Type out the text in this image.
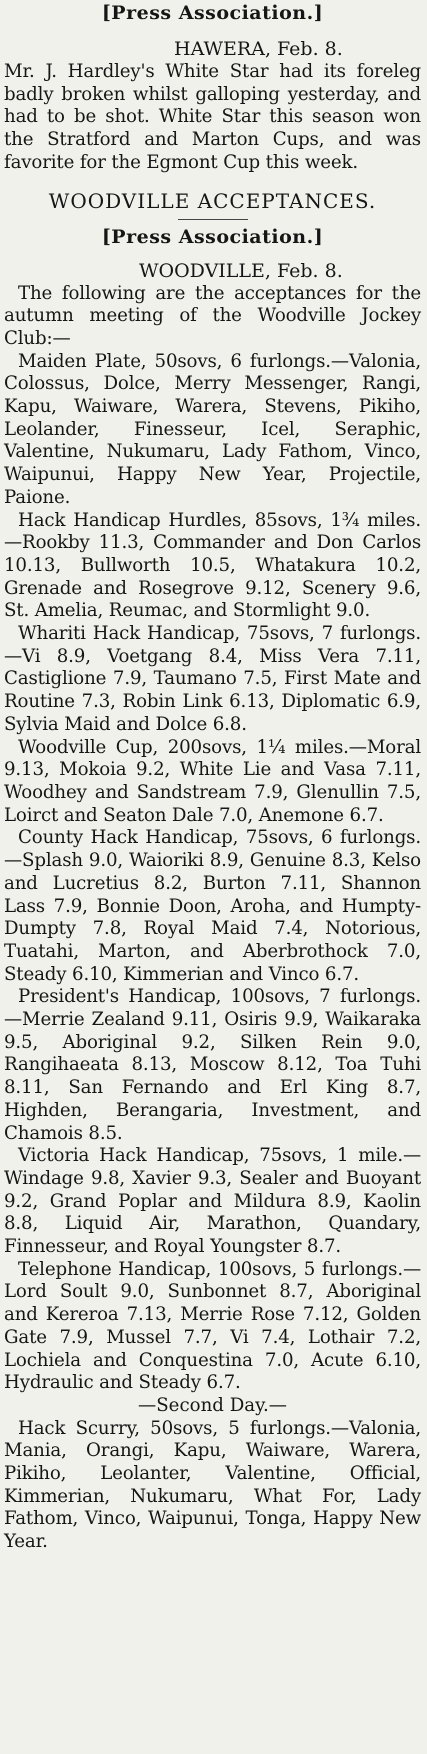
[Press Association.]
HAWERA, Feb. 8.

Mr. J. Hardley's White Star had its foreleg badly broken whilst galloping yesterday, and had to be shot. White Star this season won the Stratford and Marton Cups, and was favorite for the Egmont Cup this week.

WOODVILLE ACCEPTANCES.
[Press Association.]
WOODVILLE, Feb. 8.

The following are the acceptances for the autumn meeting of the Woodville Jockey Club:—

Maiden Plate, 50sovs, 6 furlongs.—Valonia, Colossus, Dolce, Merry Messenger, Rangi, Kapu, Waiware, Warera, Stevens, Pikiho, Leolander, Finesseur, Icel, Seraphic, Valentine, Nukumaru, Lady Fathom, Vinco, Waipunui, Happy New Year, Projectile, Paione.

Hack Handicap Hurdles, 85sovs, 1¾ miles.—Rookby 11.3, Commander and Don Carlos 10.13, Bullworth 10.5, Whatakura 10.2, Grenade and Rosegrove 9.12, Scenery 9.6, St. Amelia, Reumac, and Stormlight 9.0.

Whariti Hack Handicap, 75sovs, 7 furlongs.—Vi 8.9, Voetgang 8.4, Miss Vera 7.11, Castiglione 7.9, Taumano 7.5, First Mate and Routine 7.3, Robin Link 6.13, Diplomatic 6.9, Sylvia Maid and Dolce 6.8.

Woodville Cup, 200sovs, 1¼ miles.—Moral 9.13, Mokoia 9.2, White Lie and Vasa 7.11, Woodhey and Sandstream 7.9, Glenullin 7.5, Loirct and Seaton Dale 7.0, Anemone 6.7.

County Hack Handicap, 75sovs, 6 furlongs.—Splash 9.0, Waioriki 8.9, Genuine 8.3, Kelso and Lucretius 8.2, Burton 7.11, Shannon Lass 7.9, Bonnie Doon, Aroha, and Humpty-Dumpty 7.8, Royal Maid 7.4, Notorious, Tuatahi, Marton, and Aberbrothock 7.0, Steady 6.10, Kimmerian and Vinco 6.7.

President's Handicap, 100sovs, 7 furlongs.—Merrie Zealand 9.11, Osiris 9.9, Waikaraka 9.5, Aboriginal 9.2, Silken Rein 9.0, Rangihaeata 8.13, Moscow 8.12, Toa Tuhi 8.11, San Fernando and Erl King 8.7, Highden, Berangaria, Investment, and Chamois 8.5.

Victoria Hack Handicap, 75sovs, 1 mile.—Windage 9.8, Xavier 9.3, Sealer and Buoyant 9.2, Grand Poplar and Mildura 8.9, Kaolin 8.8, Liquid Air, Marathon, Quandary, Finnesseur, and Royal Youngster 8.7.

Telephone Handicap, 100sovs, 5 furlongs.—Lord Soult 9.0, Sunbonnet 8.7, Aboriginal and Kereroa 7.13, Merrie Rose 7.12, Golden Gate 7.9, Mussel 7.7, Vi 7.4, Lothair 7.2, Lochiela and Conquestina 7.0, Acute 6.10, Hydraulic and Steady 6.7.

—Second Day.—

Hack Scurry, 50sovs, 5 furlongs.—Valonia, Mania, Orangi, Kapu, Waiware, Warera, Pikiho, Leolanter, Valentine, Official, Kimmerian, Nukumaru, What For, Lady Fathom, Vinco, Waipunui, Tonga, Happy New Year.
